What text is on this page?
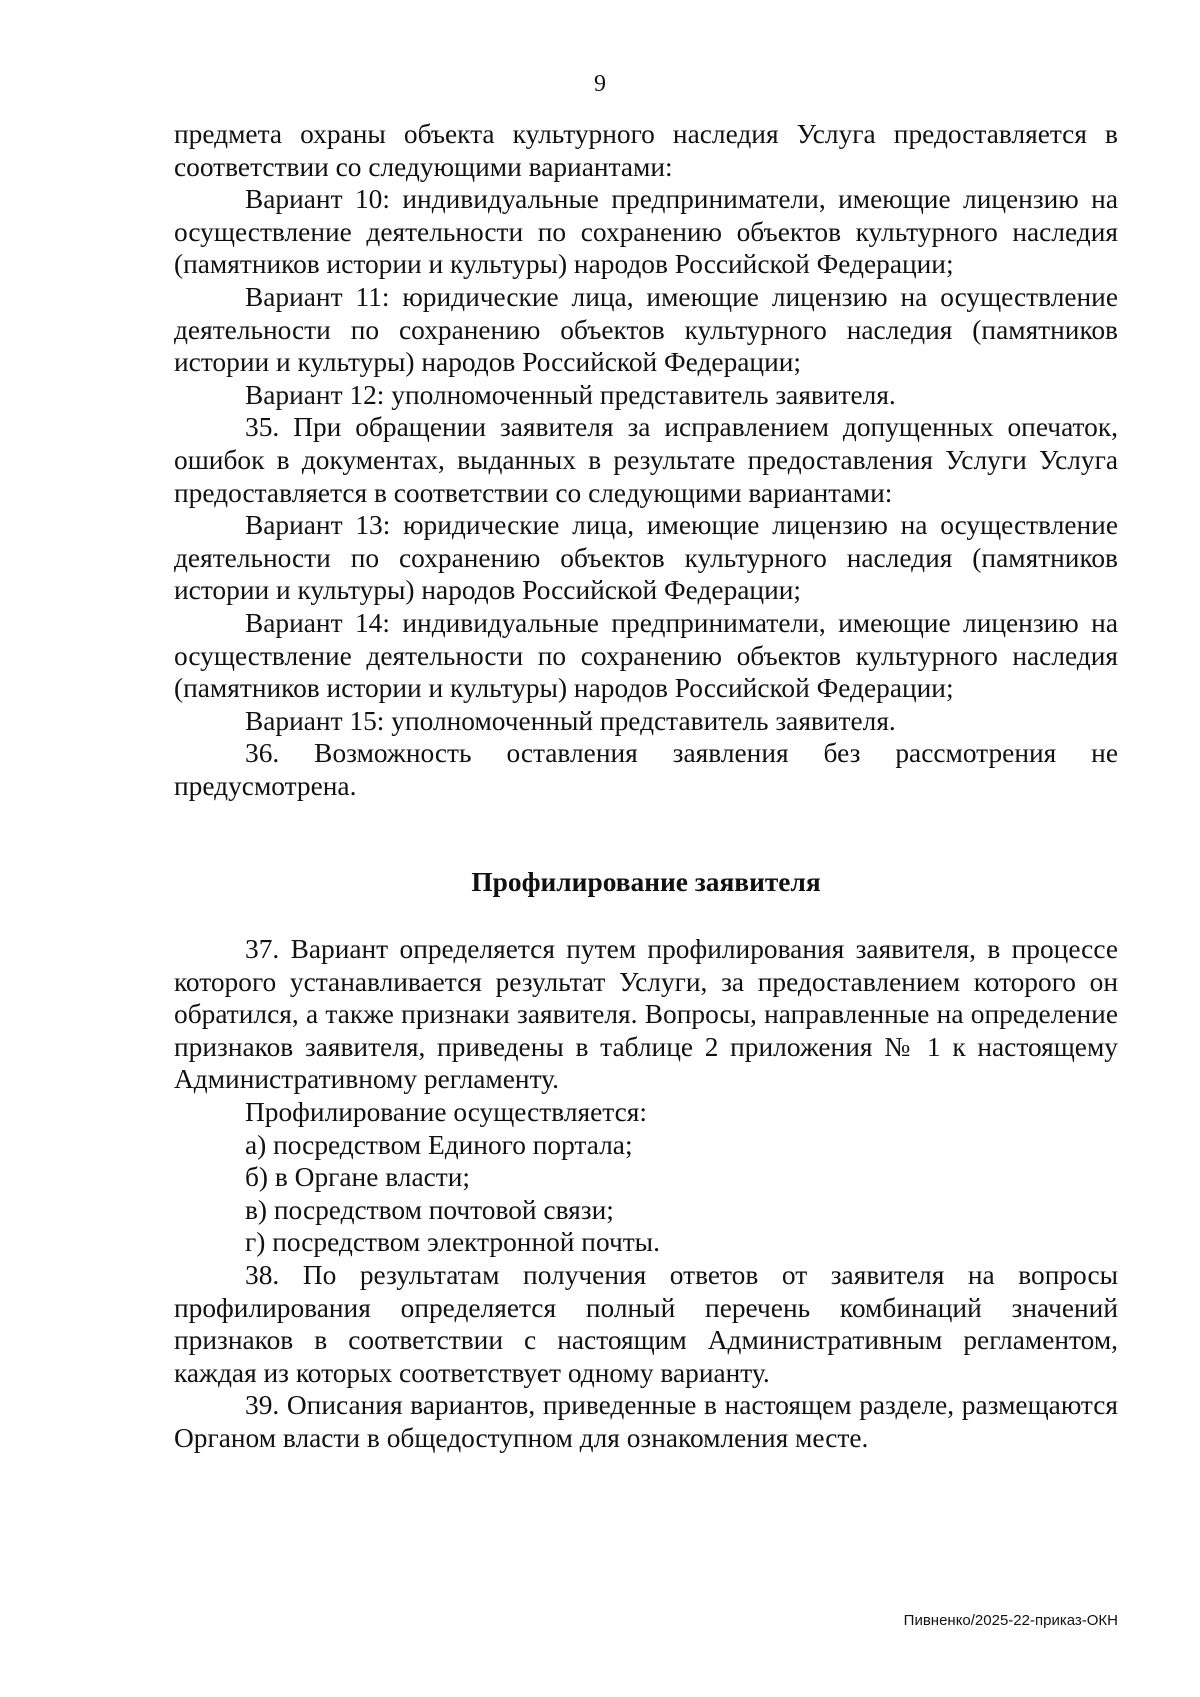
9

предмета охраны объекта культурного наследия Услуга предоставляется в соответствии со следующими вариантами:

Вариант 10: индивидуальные предприниматели, имеющие лицензию на осуществление деятельности по сохранению объектов культурного наследия (памятников истории и культуры) народов Российской Федерации;

Вариант 11: юридические лица, имеющие лицензию на осуществление деятельности по сохранению объектов культурного наследия (памятников истории и культуры) народов Российской Федерации;

Вариант 12: уполномоченный представитель заявителя.

35. При обращении заявителя за исправлением допущенных опечаток, ошибок в документах, выданных в результате предоставления Услуги Услуга предоставляется в соответствии со следующими вариантами:

Вариант 13: юридические лица, имеющие лицензию на осуществление деятельности по сохранению объектов культурного наследия (памятников истории и культуры) народов Российской Федерации;

Вариант 14: индивидуальные предприниматели, имеющие лицензию на осуществление деятельности по сохранению объектов культурного наследия (памятников истории и культуры) народов Российской Федерации;

Вариант 15: уполномоченный представитель заявителя.

36. Возможность оставления заявления без рассмотрения не предусмотрена.

Профилирование заявителя

37. Вариант определяется путем профилирования заявителя, в процессе которого устанавливается результат Услуги, за предоставлением которого он обратился, а также признаки заявителя. Вопросы, направленные на определение признаков заявителя, приведены в таблице 2 приложения № 1 к настоящему Административному регламенту.

Профилирование осуществляется:

а) посредством Единого портала;

б) в Органе власти;

в) посредством почтовой связи;

г) посредством электронной почты.

38. По результатам получения ответов от заявителя на вопросы профилирования определяется полный перечень комбинаций значений признаков в соответствии с настоящим Административным регламентом, каждая из которых соответствует одному варианту.

39. Описания вариантов, приведенные в настоящем разделе, размещаются Органом власти в общедоступном для ознакомления месте.

Пивненко/2025-22-приказ-ОКН
